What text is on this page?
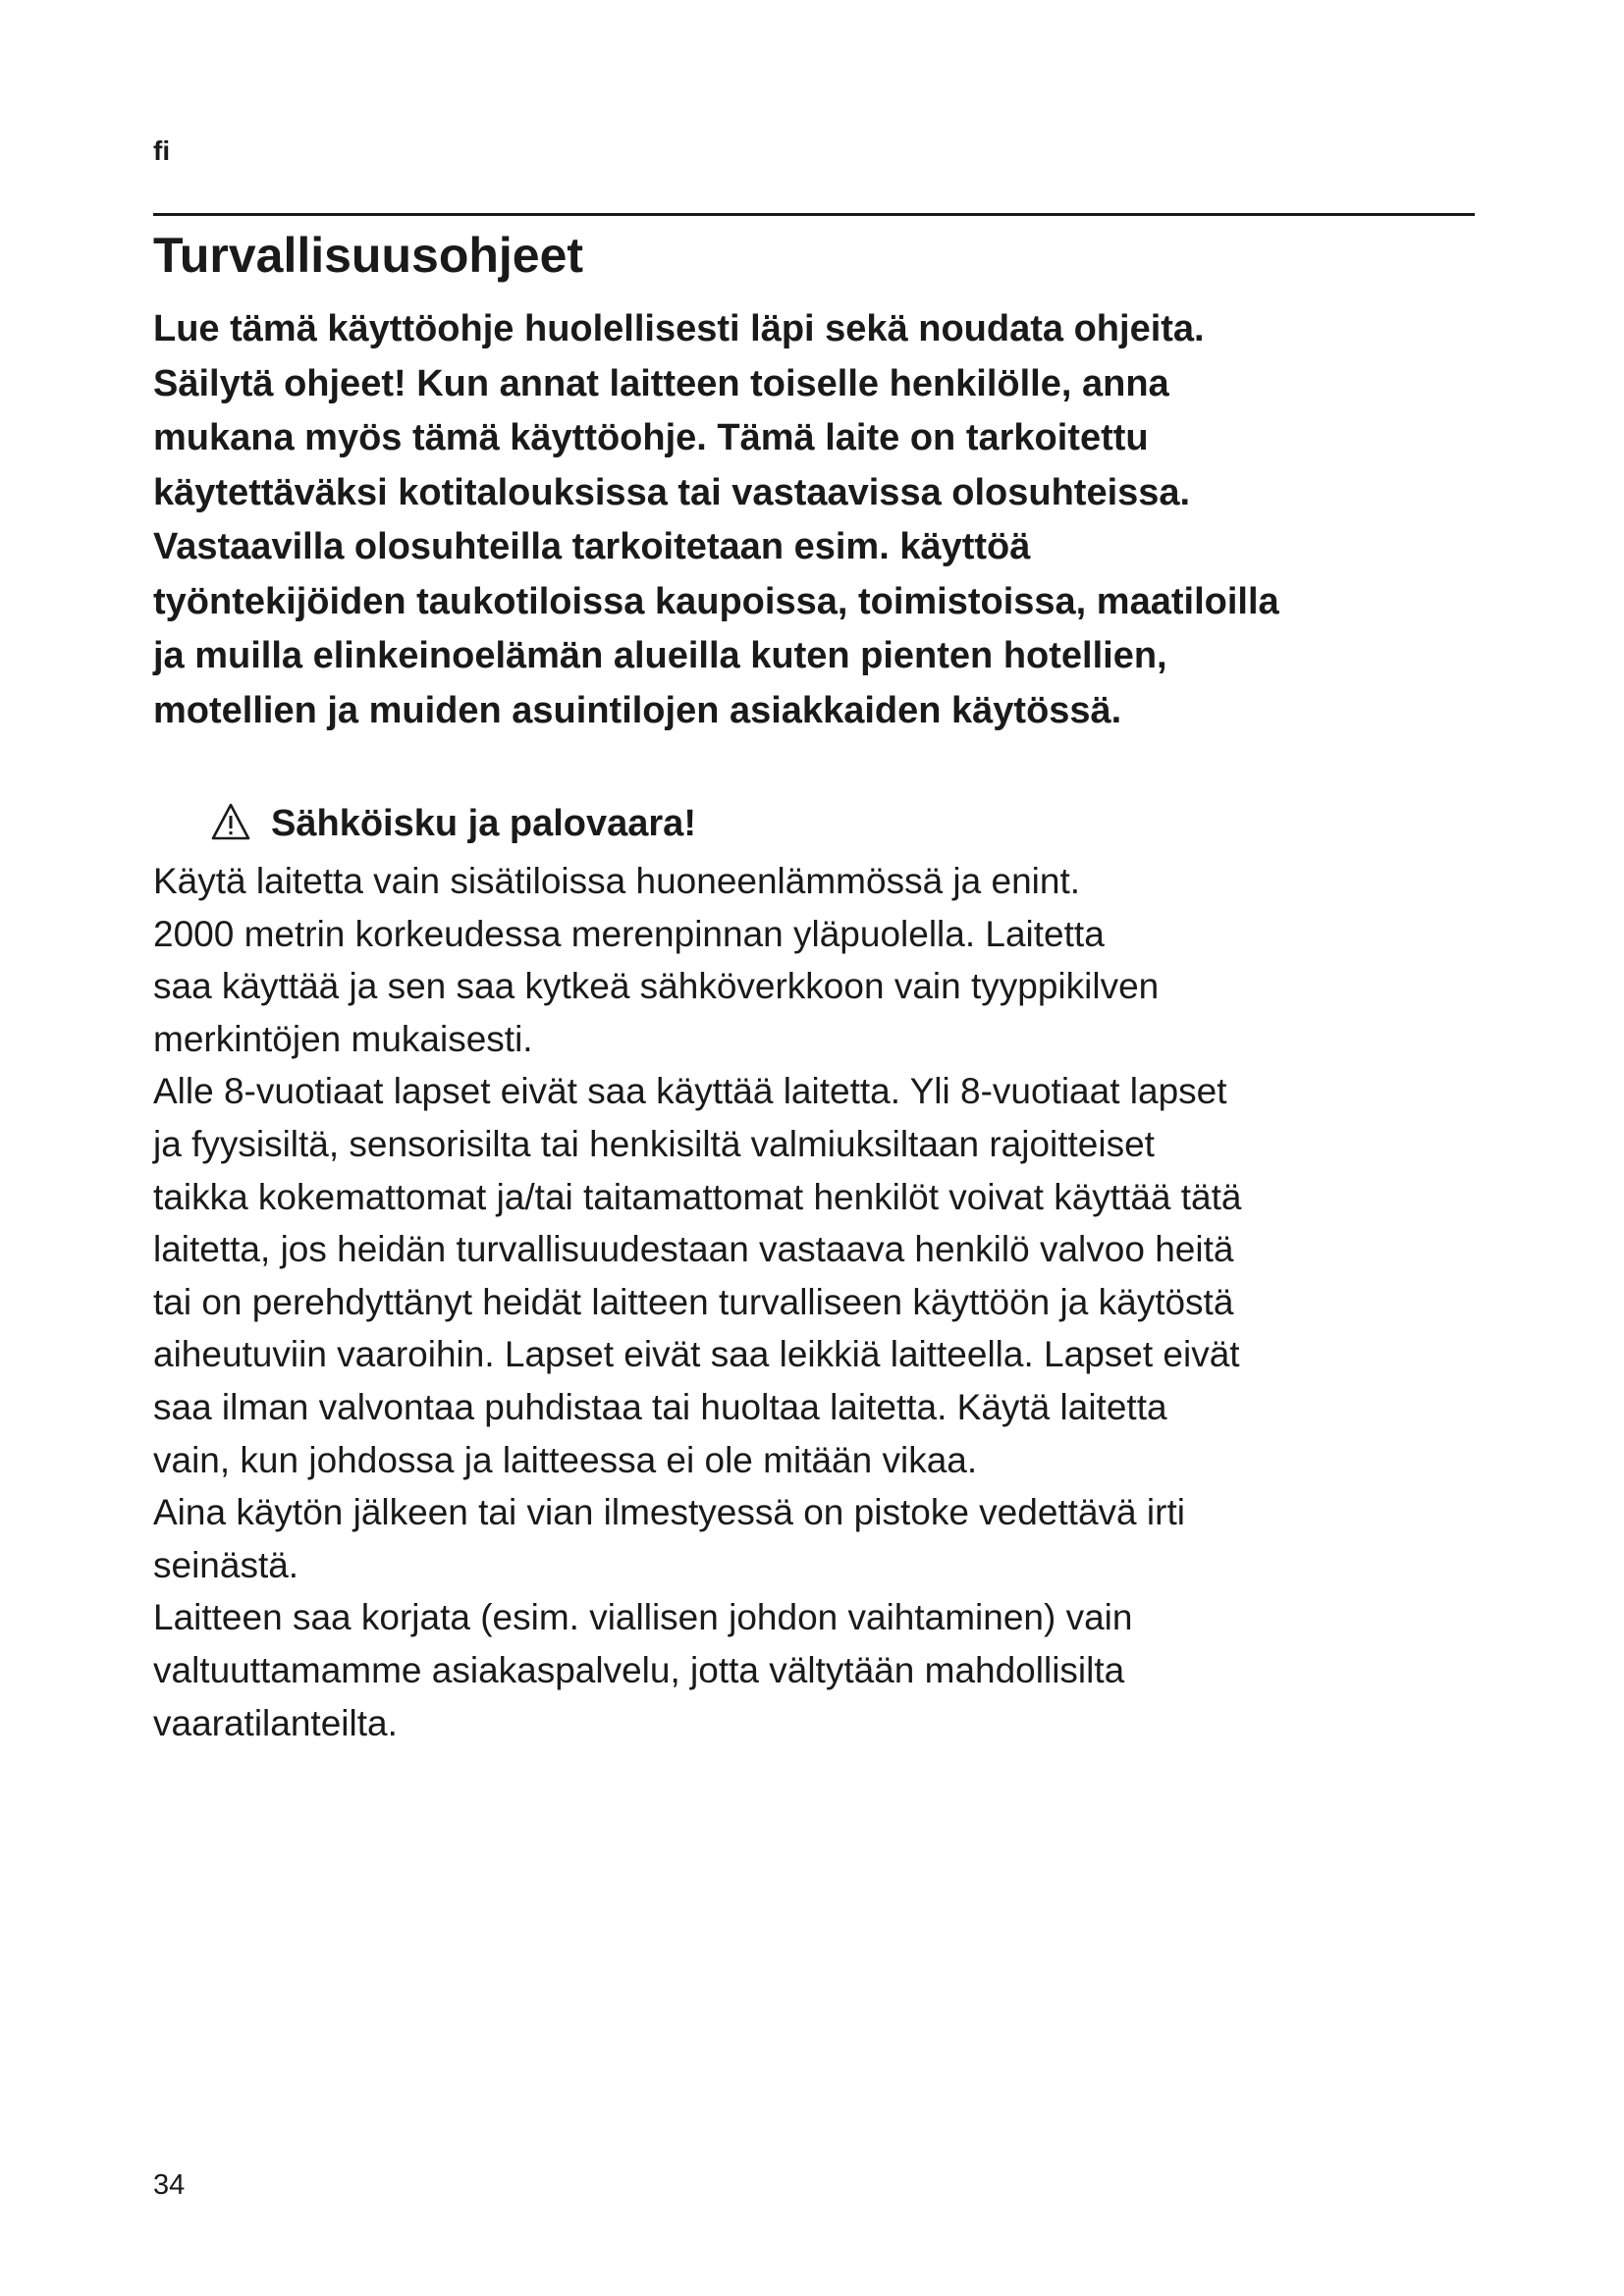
fi
Turvallisuusohjeet
Lue tämä käyttöohje huolellisesti läpi sekä noudata ohjeita.
Säilytä ohjeet! Kun annat laitteen toiselle henkilölle, anna
mukana myös tämä käyttöohje. Tämä laite on tarkoitettu
käytettäväksi kotitalouksissa tai vastaavissa olosuhteissa.
Vastaavilla olosuhteilla tarkoitetaan esim. käyttöä
työntekijöiden taukotiloissa kaupoissa, toimistoissa, maatiloilla
ja muilla elinkeinoelämän alueilla kuten pienten hotellien,
motellien ja muiden asuintilojen asiakkaiden käytössä.
Sähköisku ja palovaara!
Käytä laitetta vain sisätiloissa huoneenlämmössä ja enint.
2000 metrin korkeudessa merenpinnan yläpuolella. Laitetta
saa käyttää ja sen saa kytkeä sähköverkkoon vain tyyppikilven
merkintöjen mukaisesti.
Alle 8-vuotiaat lapset eivät saa käyttää laitetta. Yli 8-vuotiaat lapset
ja fyysisiltä, sensorisilta tai henkisiltä valmiuksiltaan rajoitteiset
taikka kokemattomat ja/tai taitamattomat henkilöt voivat käyttää tätä
laitetta, jos heidän turvallisuudestaan vastaava henkilö valvoo heitä
tai on perehdyttänyt heidät laitteen turvalliseen käyttöön ja käytöstä
aiheutuviin vaaroihin. Lapset eivät saa leikkiä laitteella. Lapset eivät
saa ilman valvontaa puhdistaa tai huoltaa laitetta. Käytä laitetta
vain, kun johdossa ja laitteessa ei ole mitään vikaa.
Aina käytön jälkeen tai vian ilmestyessä on pistoke vedettävä irti
seinästä.
Laitteen saa korjata (esim. viallisen johdon vaihtaminen) vain
valtuuttamamme asiakaspalvelu, jotta vältytään mahdollisilta
vaaratilanteilta.
34
